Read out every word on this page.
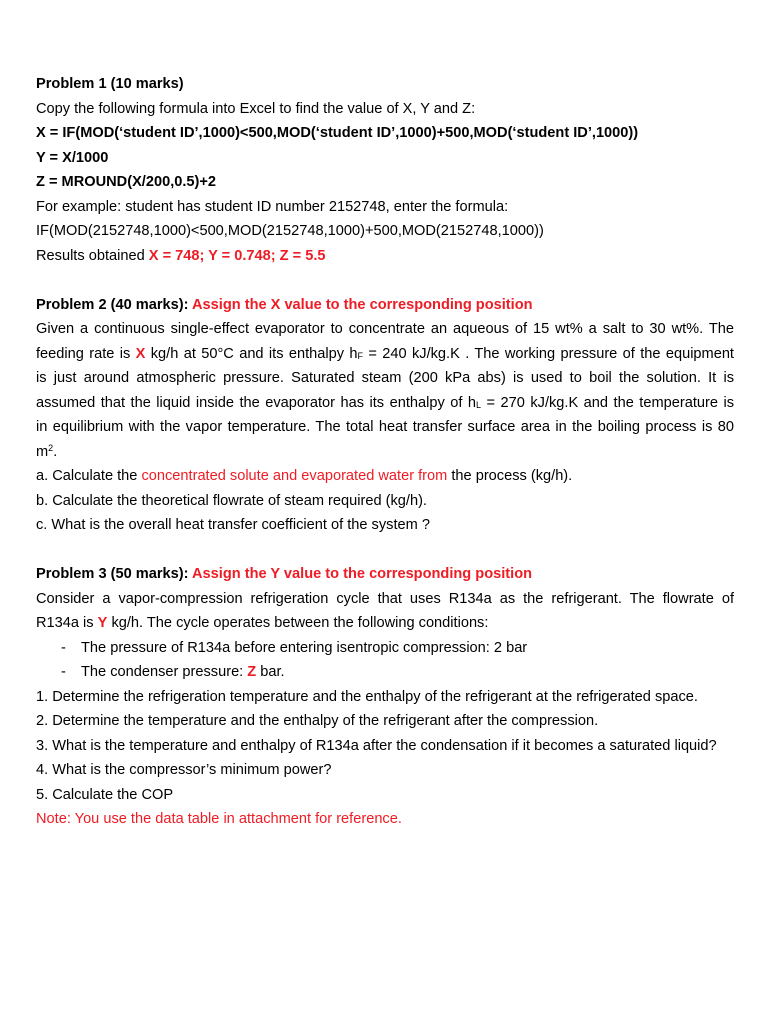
Problem 1 (10 marks)
Copy the following formula into Excel to find the value of X, Y and Z:
X = IF(MOD(‘student ID’,1000)<500,MOD(‘student ID’,1000)+500,MOD(‘student ID’,1000))
Y = X/1000
Z = MROUND(X/200,0.5)+2
For example: student has student ID number 2152748, enter the formula:
IF(MOD(2152748,1000)<500,MOD(2152748,1000)+500,MOD(2152748,1000))
Results obtained X = 748; Y = 0.748; Z = 5.5
Problem 2 (40 marks): Assign the X value to the corresponding position
Given a continuous single-effect evaporator to concentrate an aqueous of 15 wt% a salt to 30 wt%. The
feeding rate is X kg/h at 50°C and its enthalpy $h_F = 240$ kJ/kg.K . The working pressure of the equipment
is just around atmospheric pressure. Saturated steam (200 kPa abs) is used to boil the solution. It is
assumed that the liquid inside the evaporator has its enthalpy of $h_L = 270$ kJ/kg.K and the temperature is
in equilibrium with the vapor temperature. The total heat transfer surface area in the boiling process is 80
$m^2$.
a. Calculate the concentrated solute and evaporated water from the process (kg/h).
b. Calculate the theoretical flowrate of steam required (kg/h).
c. What is the overall heat transfer coefficient of the system ?
Problem 3 (50 marks): Assign the Y value to the corresponding position
Consider a vapor-compression refrigeration cycle that uses R134a as the refrigerant. The flowrate of
R134a is Y kg/h. The cycle operates between the following conditions:
- The pressure of R134a before entering isentropic compression: 2 bar
- The condenser pressure: Z bar.
1. Determine the refrigeration temperature and the enthalpy of the refrigerant at the refrigerated space.
2. Determine the temperature and the enthalpy of the refrigerant after the compression.
3. What is the temperature and enthalpy of R134a after the condensation if it becomes a saturated liquid?
4. What is the compressor’s minimum power?
5. Calculate the COP
Note: You use the data table in attachment for reference.
